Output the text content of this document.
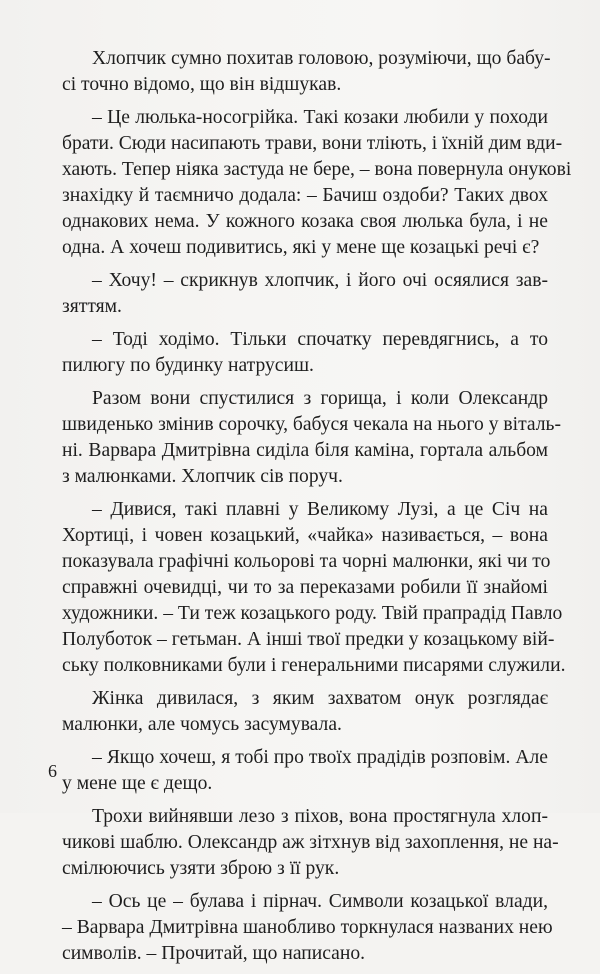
Хлопчик сумно похитав головою, розуміючи, що бабу-
сі точно відомо, що він відшукав.
– Це люлька-носогрійка. Такі козаки любили у походи
брати. Сюди насипають трави, вони тліють, і їхній дим вди-
хають. Тепер ніяка застуда не бере, – вона повернула онукові
знахідку й таємничо додала: – Бачиш оздоби? Таких двох
однакових нема. У кожного козака своя люлька була, і не
одна. А хочеш подивитись, які у мене ще козацькі речі є?
– Хочу! – скрикнув хлопчик, і його очі осяялися зав-
зяттям.
– Тоді ходімо. Тільки спочатку перевдягнись, а то
пилюгу по будинку натрусиш.
Разом вони спустилися з горища, і коли Олександр
швиденько змінив сорочку, бабуся чекала на нього у віталь-
ні. Варвара Дмитрівна сиділа біля каміна, гортала альбом
з малюнками. Хлопчик сів поруч.
– Дивися, такі плавні у Великому Лузі, а це Січ на
Хортиці, і човен козацький, «чайка» називається, – вона
показувала графічні кольорові та чорні малюнки, які чи то
справжні очевидці, чи то за переказами робили її знайомі
художники. – Ти теж козацького роду. Твій прапрадід Павло
Полуботок – гетьман. А інші твої предки у козацькому вій-
ську полковниками були і генеральними писарями служили.
Жінка дивилася, з яким захватом онук розглядає
малюнки, але чомусь засумувала.
– Якщо хочеш, я тобі про твоїх прадідів розповім. Але
у мене ще є дещо.
Трохи вийнявши лезо з піхов, вона простягнула хлоп-
чикові шаблю. Олександр аж зітхнув від захоплення, не на-
смілюючись узяти зброю з її рук.
– Ось це – булава і пірнач. Символи козацької влади,
– Варвара Дмитрівна шанобливо торкнулася названих нею
символів. – Прочитай, що написано.
6
